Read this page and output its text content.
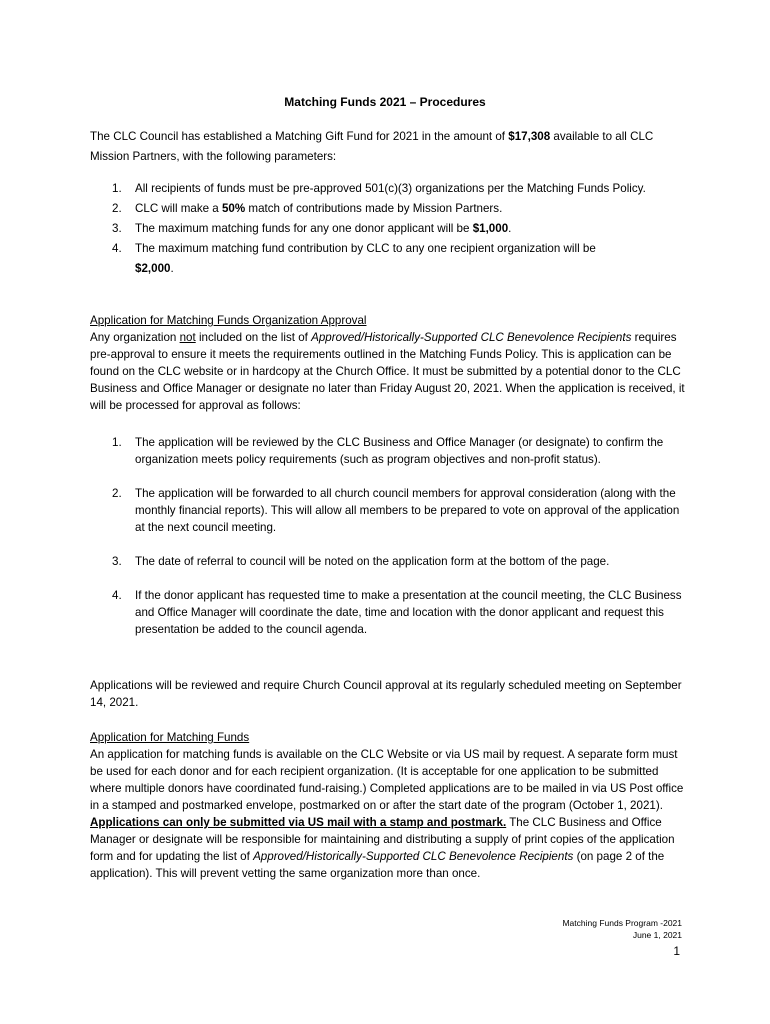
Matching Funds 2021 – Procedures
The CLC Council has established a Matching Gift Fund for 2021 in the amount of $17,308 available to all CLC Mission Partners, with the following parameters:
1. All recipients of funds must be pre-approved 501(c)(3) organizations per the Matching Funds Policy.
2. CLC will make a 50% match of contributions made by Mission Partners.
3. The maximum matching funds for any one donor applicant will be $1,000.
4. The maximum matching fund contribution by CLC to any one recipient organization will be
$2,000.
Application for Matching Funds Organization Approval
Any organization not included on the list of Approved/Historically-Supported CLC Benevolence Recipients requires pre-approval to ensure it meets the requirements outlined in the Matching Funds Policy. This is application can be found on the CLC website or in hardcopy at the Church Office. It must be submitted by a potential donor to the CLC Business and Office Manager or designate no later than Friday August 20, 2021. When the application is received, it will be processed for approval as follows:
1. The application will be reviewed by the CLC Business and Office Manager (or designate) to confirm the organization meets policy requirements (such as program objectives and non-profit status).
2. The application will be forwarded to all church council members for approval consideration (along with the monthly financial reports). This will allow all members to be prepared to vote on approval of the application at the next council meeting.
3. The date of referral to council will be noted on the application form at the bottom of the page.
4. If the donor applicant has requested time to make a presentation at the council meeting, the CLC Business and Office Manager will coordinate the date, time and location with the donor applicant and request this presentation be added to the council agenda.
Applications will be reviewed and require Church Council approval at its regularly scheduled meeting on September 14, 2021.
Application for Matching Funds
An application for matching funds is available on the CLC Website or via US mail by request. A separate form must be used for each donor and for each recipient organization. (It is acceptable for one application to be submitted where multiple donors have coordinated fund-raising.) Completed applications are to be mailed in via US Post office in a stamped and postmarked envelope, postmarked on or after the start date of the program (October 1, 2021). Applications can only be submitted via US mail with a stamp and postmark. The CLC Business and Office Manager or designate will be responsible for maintaining and distributing a supply of print copies of the application form and for updating the list of Approved/Historically-Supported CLC Benevolence Recipients (on page 2 of the application). This will prevent vetting the same organization more than once.
Matching Funds Program -2021
June 1, 2021
1
